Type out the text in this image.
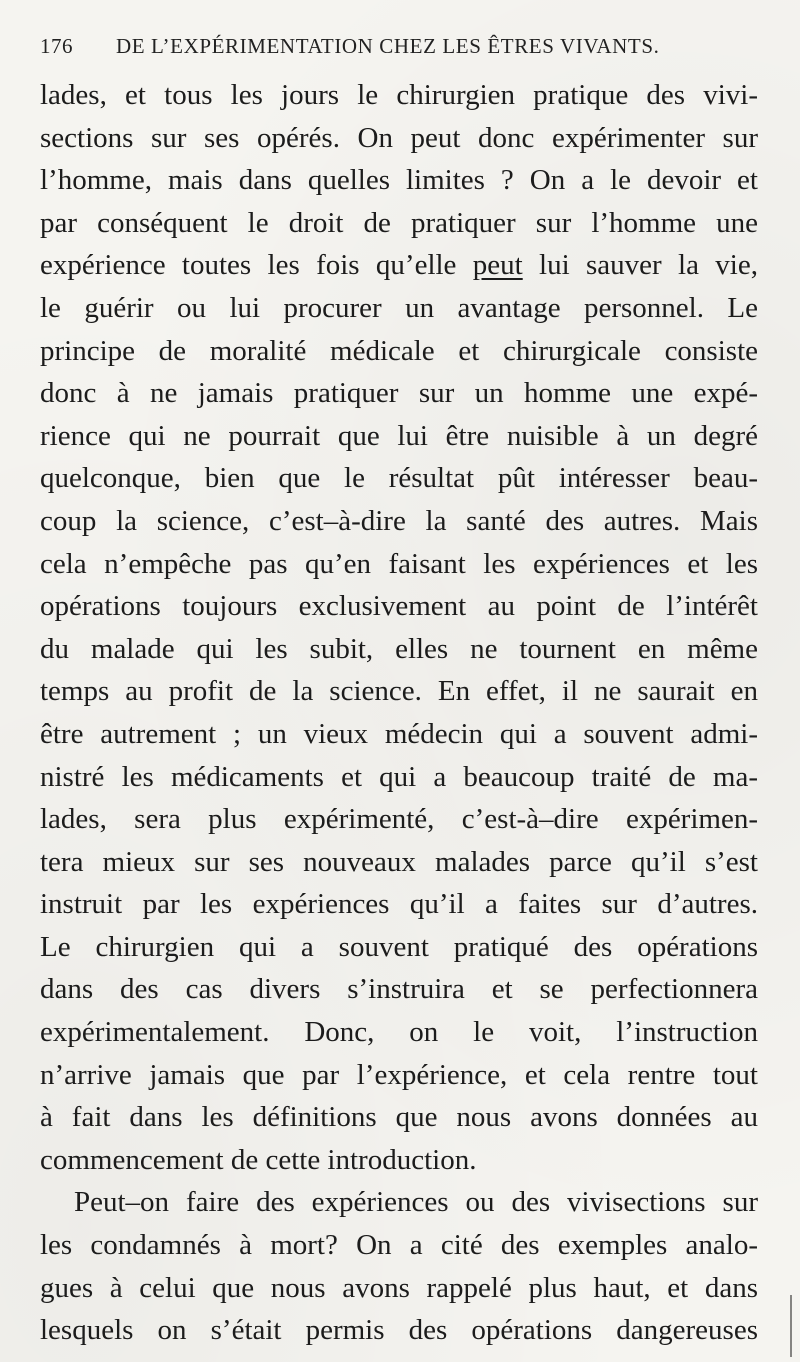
176	DE L’EXPÉRIMENTATION CHEZ LES ÊTRES VIVANTS.
lades, et tous les jours le chirurgien pratique des vivi-
sections sur ses opérés. On peut donc expérimenter sur
l’homme, mais dans quelles limites ? On a le devoir et
par conséquent le droit de pratiquer sur l’homme une
expérience toutes les fois qu’elle peut lui sauver la vie,
le guérir ou lui procurer un avantage personnel. Le
principe de moralité médicale et chirurgicale consiste
donc à ne jamais pratiquer sur un homme une expé-
rience qui ne pourrait que lui être nuisible à un degré
quelconque, bien que le résultat pût intéresser beau-
coup la science, c’est–à-dire la santé des autres. Mais
cela n’empêche pas qu’en faisant les expériences et les
opérations toujours exclusivement au point de l’intérêt
du malade qui les subit, elles ne tournent en même
temps au profit de la science. En effet, il ne saurait en
être autrement ; un vieux médecin qui a souvent admi-
nistré les médicaments et qui a beaucoup traité de ma-
lades, sera plus expérimenté, c’est-à–dire expérimen-
tera mieux sur ses nouveaux malades parce qu’il s’est
instruit par les expériences qu’il a faites sur d’autres.
Le chirurgien qui a souvent pratiqué des opérations
dans des cas divers s’instruira et se perfectionnera
expérimentalement. Donc, on le voit, l’instruction
n’arrive jamais que par l’expérience, et cela rentre tout
à fait dans les définitions que nous avons données au
commencement de cette introduction.
Peut–on faire des expériences ou des vivisections sur
les condamnés à mort? On a cité des exemples analo-
gues à celui que nous avons rappelé plus haut, et dans
lesquels on s’était permis des opérations dangereuses
